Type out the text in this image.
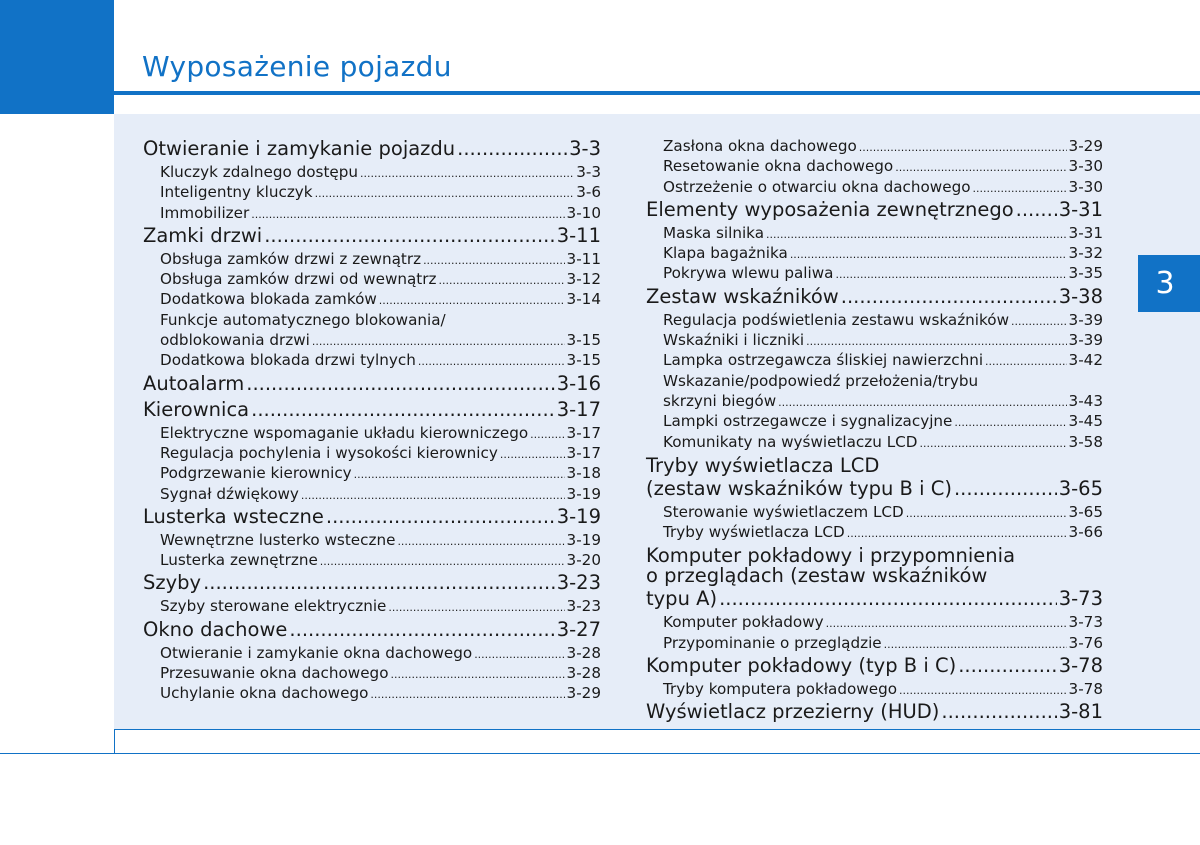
Wyposażenie pojazdu
3
Otwieranie i zamykanie pojazdu .....	3-3
Kluczyk zdalnego dostępu .....	3-3
Inteligentny kluczyk .....	3-6
Immobilizer .....	3-10
Zamki drzwi .....	3-11
Obsługa zamków drzwi z zewnątrz .....	3-11
Obsługa zamków drzwi od wewnątrz .....	3-12
Dodatkowa blokada zamków .....	3-14
Funkcje automatycznego blokowania/
odblokowania drzwi .....	3-15
Dodatkowa blokada drzwi tylnych .....	3-15
Autoalarm .....	3-16
Kierownica .....	3-17
Elektryczne wspomaganie układu kierowniczego .....	3-17
Regulacja pochylenia i wysokości kierownicy .....	3-17
Podgrzewanie kierownicy .....	3-18
Sygnał dźwiękowy .....	3-19
Lusterka wsteczne .....	3-19
Wewnętrzne lusterko wsteczne .....	3-19
Lusterka zewnętrzne .....	3-20
Szyby .....	3-23
Szyby sterowane elektrycznie .....	3-23
Okno dachowe .....	3-27
Otwieranie i zamykanie okna dachowego .....	3-28
Przesuwanie okna dachowego .....	3-28
Uchylanie okna dachowego .....	3-29
Zasłona okna dachowego .....	3-29
Resetowanie okna dachowego .....	3-30
Ostrzeżenie o otwarciu okna dachowego .....	3-30
Elementy wyposażenia zewnętrznego ..... 3-31
Maska silnika .....	3-31
Klapa bagażnika .....	3-32
Pokrywa wlewu paliwa .....	3-35
Zestaw wskaźników .....	3-38
Regulacja podświetlenia zestawu wskaźników .....	3-39
Wskaźniki i liczniki .....	3-39
Lampka ostrzegawcza śliskiej nawierzchni .....	3-42
Wskazanie/podpowiedź przełożenia/trybu
skrzyni biegów .....	3-43
Lampki ostrzegawcze i sygnalizacyjne .....	3-45
Komunikaty na wyświetlaczu LCD .....	3-58
Tryby wyświetlacza LCD
(zestaw wskaźników typu B i C) .....	3-65
Sterowanie wyświetlaczem LCD .....	3-65
Tryby wyświetlacza LCD .....	3-66
Komputer pokładowy i przypomnienia
o przeglądach (zestaw wskaźników
typu A) .....	3-73
Komputer pokładowy .....	3-73
Przypominanie o przeglądzie .....	3-76
Komputer pokładowy (typ B i C) .....	3-78
Tryby komputera pokładowego .....	3-78
Wyświetlacz przezierny (HUD) .....	3-81
